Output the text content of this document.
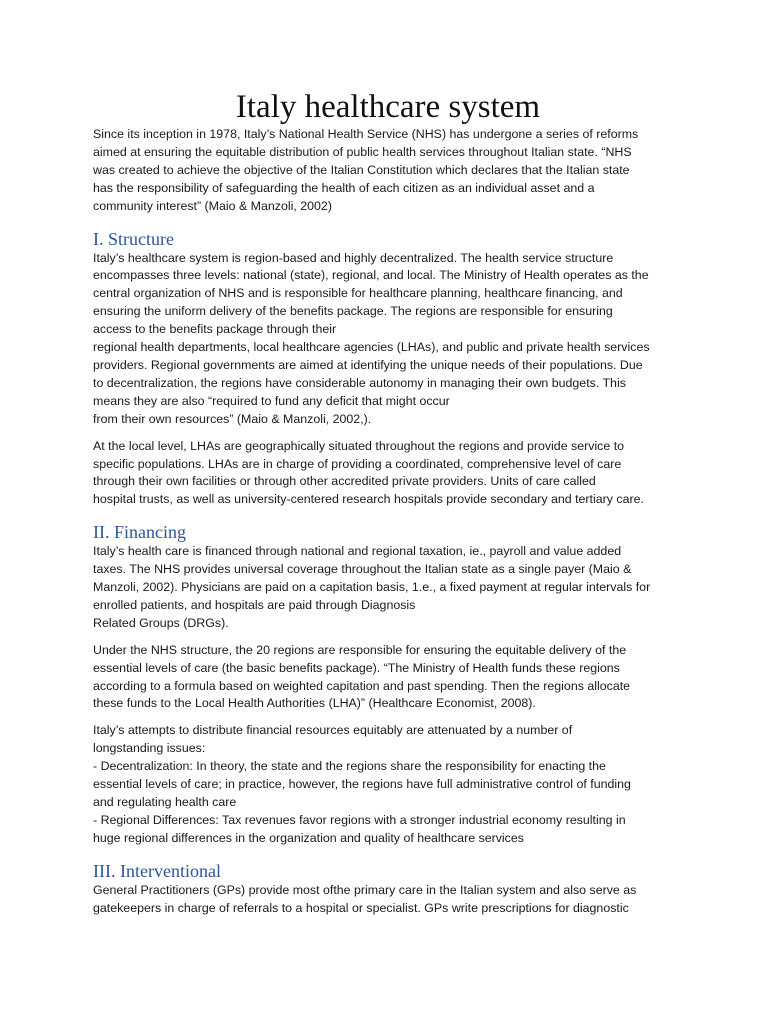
Italy healthcare system

Since its inception in 1978, Italy’s National Health Service (NHS) has undergone a series of reforms
aimed at ensuring the equitable distribution of public health services throughout Italian state. “NHS
was created to achieve the objective of the Italian Constitution which declares that the Italian state
has the responsibility of safeguarding the health of each citizen as an individual asset and a
community interest” (Maio & Manzoli, 2002)

I. Structure

Italy’s healthcare system is region-based and highly decentralized. The health service structure
encompasses three levels: national (state), regional, and local. The Ministry of Health operates as the
central organization of NHS and is responsible for healthcare planning, healthcare financing, and
ensuring the uniform delivery of the benefits package. The regions are responsible for ensuring
access to the benefits package through their
regional health departments, local healthcare agencies (LHAs), and public and private health services
providers. Regional governments are aimed at identifying the unique needs of their populations. Due
to decentralization, the regions have considerable autonomy in managing their own budgets. This
means they are also “required to fund any deficit that might occur
from their own resources” (Maio & Manzoli, 2002,).

At the local level, LHAs are geographically situated throughout the regions and provide service to
specific populations. LHAs are in charge of providing a coordinated, comprehensive level of care
through their own facilities or through other accredited private providers. Units of care called
hospital trusts, as well as university-centered research hospitals provide secondary and tertiary care.

II. Financing

Italy’s health care is financed through national and regional taxation, ie., payroll and value added
taxes. The NHS provides universal coverage throughout the Italian state as a single payer (Maio &
Manzoli, 2002). Physicians are paid on a capitation basis, 1.e., a fixed payment at regular intervals for
enrolled patients, and hospitals are paid through Diagnosis
Related Groups (DRGs).

Under the NHS structure, the 20 regions are responsible for ensuring the equitable delivery of the
essential levels of care (the basic benefits package). “The Ministry of Health funds these regions
according to a formula based on weighted capitation and past spending. Then the regions allocate
these funds to the Local Health Authorities (LHA)” (Healthcare Economist, 2008).

Italy’s attempts to distribute financial resources equitably are attenuated by a number of
longstanding issues:
- Decentralization: In theory, the state and the regions share the responsibility for enacting the
essential levels of care; in practice, however, the regions have full administrative control of funding
and regulating health care
- Regional Differences: Tax revenues favor regions with a stronger industrial economy resulting in
huge regional differences in the organization and quality of healthcare services

III. Interventional

General Practitioners (GPs) provide most ofthe primary care in the Italian system and also serve as
gatekeepers in charge of referrals to a hospital or specialist. GPs write prescriptions for diagnostic
